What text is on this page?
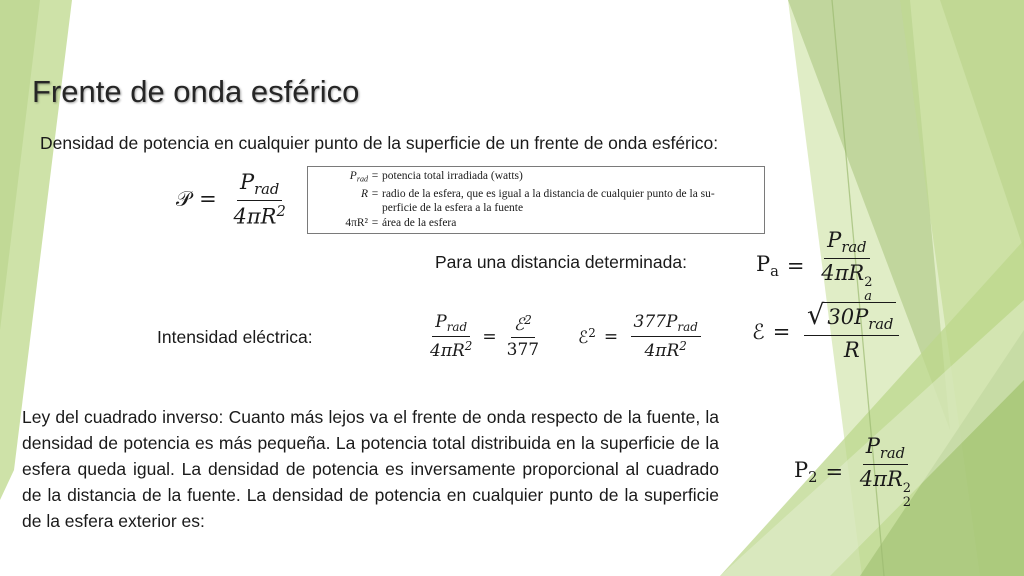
Frente de onda esférico
Densidad de potencia en cualquier punto de la superficie de un frente de onda esférico:
𝒫 = $\frac{P_{rad}}{4\pi R^2}$	$P_{rad}$ = potencia total irradiada (watts)
R = radio de la esfera, que es igual a la distancia de cualquier punto de la su-
perficie de la esfera a la fuente
4πR² = área de la esfera
Para una distancia determinada:	$P_a = P_{rad}$
4πR 2
a
Intensidad eléctrica:	$\frac{P_{rad}}{4\pi R^2} = \frac{ℰ^2}{377}$ ℰ$^2$ = $\frac{377P_{rad}}{4\pi R^2}$ ℰ = $\frac{√ 30P_{rad}}{R}$
Ley del cuadrado inverso: Cuanto más lejos va el frente de onda respecto de la fuente, la densidad de potencia es más pequeña. La potencia total distribuida en la superficie de la esfera queda igual. La densidad de potencia es inversamente proporcional al cuadrado de la distancia de la fuente. La densidad de potencia en cualquier punto de la superficie de la esfera exterior es:
$P_2 = P_{rad}$
4πR 2
2
